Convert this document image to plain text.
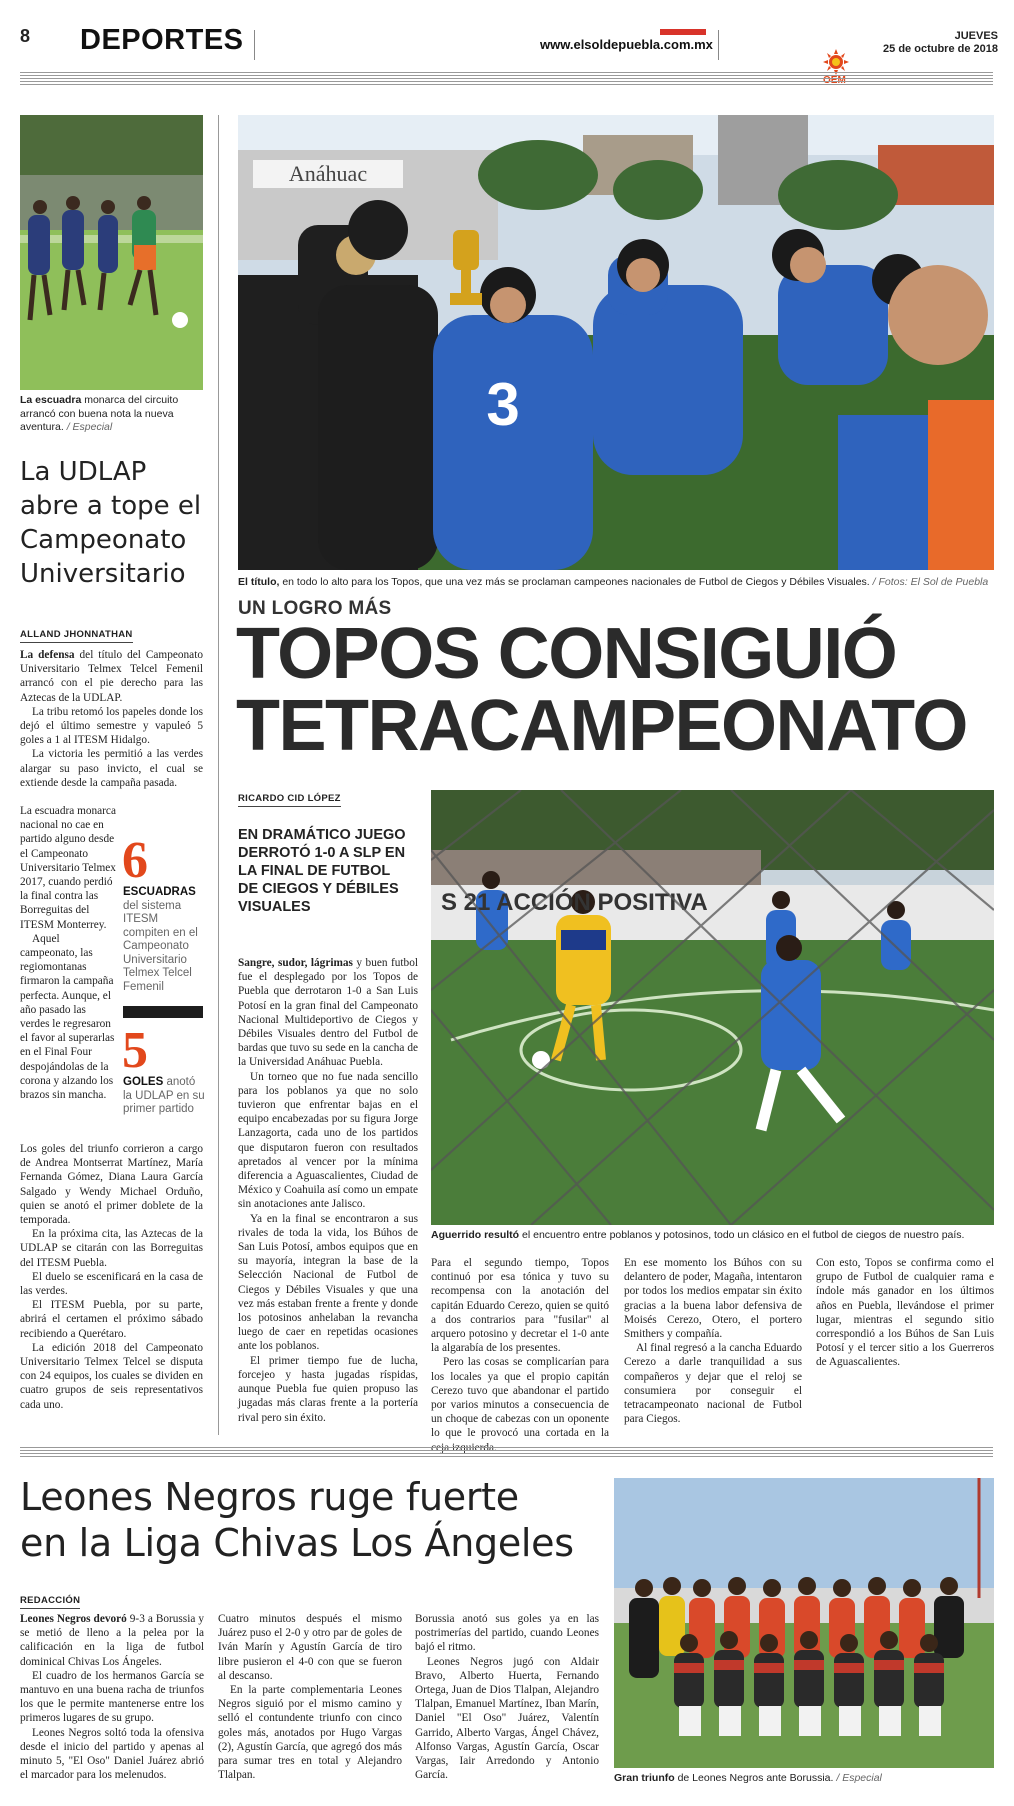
8 DEPORTES	www.elsoldepuebla.com.mx
JUEVES
25 de octubre de 2018
OEM
La escuadra monarca del circuito arrancó con buena nota la nueva aventura. / Especial
La UDLAP abre a tope el Campeonato Universitario
ALLAND JHONNATHAN

La defensa del título del Campeonato Universitario Telmex Telcel Femenil arrancó con el pie derecho para las Aztecas de la UDLAP.

La tribu retomó los papeles donde los dejó el último semestre y vapuleó 5 goles a 1 al ITESM Hidalgo.

La victoria les permitió a las verdes alargar su paso invicto, el cual se extiende desde la campaña pasada.

La escuadra monarca nacional no cae en partido alguno desde el Campeonato Universitario Telmex 2017, cuando perdió la final contra las Borreguitas del ITESM Monterrey.

Aquel campeonato, las regiomontanas firmaron la campaña perfecta. Aunque, el año pasado las verdes le regresaron el favor al superarlas en el Final Four despojándolas de la corona y alzando los brazos sin mancha.

6
ESCUADRAS
del sistema ITESM compiten en el Campeonato Universitario Telmex Telcel Femenil
5
GOLES anotó la UDLAP en su primer partido

Los goles del triunfo corrieron a cargo de Andrea Montserrat Martínez, María Fernanda Gómez, Diana Laura García Salgado y Wendy Michael Orduño, quien se anotó el primer doblete de la temporada.

En la próxima cita, las Aztecas de la UDLAP se citarán con las Borreguitas del ITESM Puebla.

El duelo se escenificará en la casa de las verdes.

El ITESM Puebla, por su parte, abrirá el certamen el próximo sábado recibiendo a Querétaro.

La edición 2018 del Campeonato Universitario Telmex Telcel se disputa con 24 equipos, los cuales se dividen en cuatro grupos de seis representativos cada uno.

Anáhuac
3
El título, en todo lo alto para los Topos, que una vez más se proclaman campeones nacionales de Futbol de Ciegos y Débiles Visuales. / Fotos: El Sol de Puebla
UN LOGRO MÁS
TOPOS CONSIGUIÓ
TETRACAMPEONATO
RICARDO CID LÓPEZ
EN DRAMÁTICO JUEGO DERROTÓ 1-0 A SLP EN LA FINAL DE FUTBOL DE CIEGOS Y DÉBILES VISUALES	S 21 ACCIÓN POSITIVA
Aguerrido resultó el encuentro entre poblanos y potosinos, todo un clásico en el futbol de ciegos de nuestro país.

Sangre, sudor, lágrimas y buen futbol fue el desplegado por los Topos de Puebla que derrotaron 1-0 a San Luis Potosí en la gran final del Campeonato Nacional Multideportivo de Ciegos y Débiles Visuales dentro del Futbol de bardas que tuvo su sede en la cancha de la Universidad Anáhuac Puebla.

Un torneo que no fue nada sencillo para los poblanos ya que no solo tuvieron que enfrentar bajas en el equipo encabezadas por su figura Jorge Lanzagorta, cada uno de los partidos que disputaron fueron con resultados apretados al vencer por la mínima diferencia a Aguascalientes, Ciudad de México y Coahuila así como un empate sin anotaciones ante Jalisco.

Ya en la final se encontraron a sus rivales de toda la vida, los Búhos de San Luis Potosí, ambos equipos que en su mayoría, integran la base de la Selección Nacional de Futbol de Ciegos y Débiles Visuales y que una vez más estaban frente a frente y donde los potosinos anhelaban la revancha luego de caer en repetidas ocasiones ante los poblanos.

El primer tiempo fue de lucha, forcejeo y hasta jugadas ríspidas, aunque Puebla fue quien propuso las jugadas más claras frente a la portería rival pero sin éxito.

Para el segundo tiempo, Topos continuó por esa tónica y tuvo su recompensa con la anotación del capitán Eduardo Cerezo, quien se quitó a dos contrarios para "fusilar" al arquero potosino y decretar el 1-0 ante la algarabía de los presentes.

Pero las cosas se complicarían para los locales ya que el propio capitán Cerezo tuvo que abandonar el partido por varios minutos a consecuencia de un choque de cabezas con un oponente lo que le provocó una cortada en la ceja izquierda.

En ese momento los Búhos con su delantero de poder, Magaña, intentaron por todos los medios empatar sin éxito gracias a la buena labor defensiva de Moisés Cerezo, Otero, el portero Smithers y compañía.

Al final regresó a la cancha Eduardo Cerezo a darle tranquilidad a sus compañeros y dejar que el reloj se consumiera por conseguir el tetracampeonato nacional de Futbol para Ciegos.

Con esto, Topos se confirma como el grupo de Futbol de cualquier rama e índole más ganador en los últimos años en Puebla, llevándose el primer lugar, mientras el segundo sitio correspondió a los Búhos de San Luis Potosí y el tercer sitio a los Guerreros de Aguascalientes.

Leones Negros ruge fuerte
en la Liga Chivas Los Ángeles
REDACCIÓN

Leones Negros devoró 9-3 a Borussia y se metió de lleno a la pelea por la calificación en la liga de futbol dominical Chivas Los Ángeles.

El cuadro de los hermanos García se mantuvo en una buena racha de triunfos los que le permite mantenerse entre los primeros lugares de su grupo.

Leones Negros soltó toda la ofensiva desde el inicio del partido y apenas al minuto 5, "El Oso" Daniel Juárez abrió el marcador para los melenudos.

Cuatro minutos después el mismo Juárez puso el 2-0 y otro par de goles de Iván Marín y Agustín García de tiro libre pusieron el 4-0 con que se fueron al descanso.

En la parte complementaria Leones Negros siguió por el mismo camino y selló el contundente triunfo con cinco goles más, anotados por Hugo Vargas (2), Agustín García, que agregó dos más para sumar tres en total y Alejandro Tlalpan.

Borussia anotó sus goles ya en las postrimerías del partido, cuando Leones bajó el ritmo.

Leones Negros jugó con Aldair Bravo, Alberto Huerta, Fernando Ortega, Juan de Dios Tlalpan, Alejandro Tlalpan, Emanuel Martínez, Iban Marín, Daniel "El Oso" Juárez, Valentín Garrido, Alberto Vargas, Ángel Chávez, Alfonso Vargas, Agustín García, Oscar Vargas, Iair Arredondo y Antonio García.	Gran triunfo de Leones Negros ante Borussia. / Especial
